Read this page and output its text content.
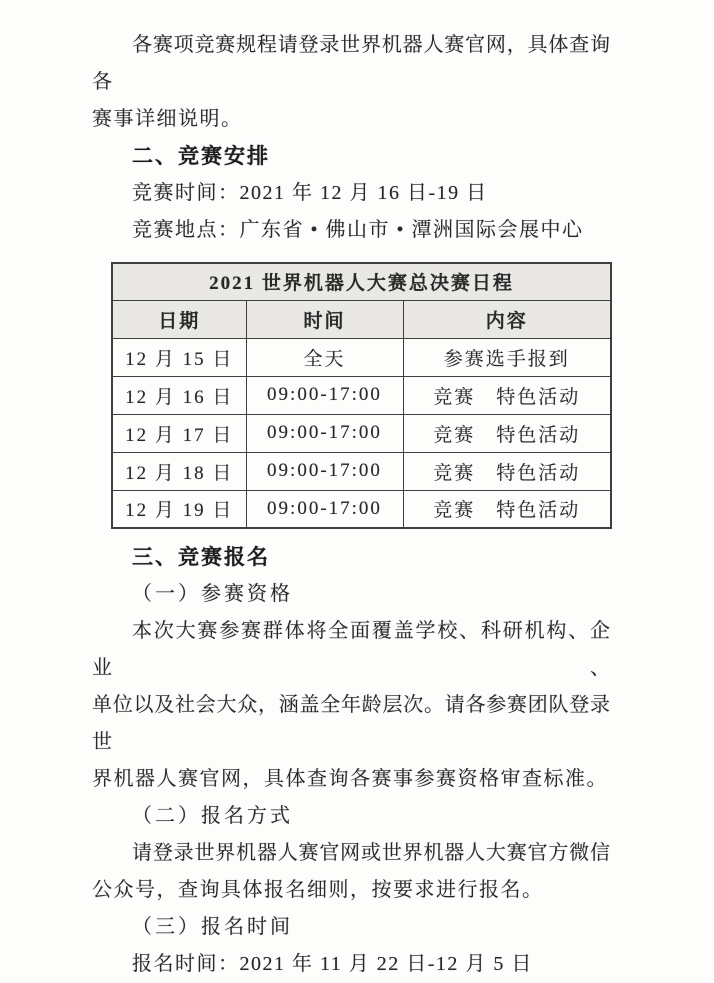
各赛项竞赛规程请登录世界机器人赛官网，具体查询各
赛事详细说明。
二、竞赛安排
竞赛时间：2021 年 12 月 16 日-19 日
竞赛地点：广东省 • 佛山市 • 潭洲国际会展中心
2021 世界机器人大赛总决赛日程		
日期	时间	内容
12 月 15 日	全天	参赛选手报到
12 月 16 日	09:00-17:00	竞赛　特色活动
12 月 17 日	09:00-17:00	竞赛　特色活动
12 月 18 日	09:00-17:00	竞赛　特色活动
12 月 19 日	09:00-17:00	竞赛　特色活动
三、竞赛报名
（一）参赛资格
本次大赛参赛群体将全面覆盖学校、科研机构、企业、
单位以及社会大众，涵盖全年龄层次。请各参赛团队登录世
界机器人赛官网，具体查询各赛事参赛资格审查标准。
（二）报名方式
请登录世界机器人赛官网或世界机器人大赛官方微信
公众号，查询具体报名细则，按要求进行报名。
（三）报名时间
报名时间：2021 年 11 月 22 日-12 月 5 日
